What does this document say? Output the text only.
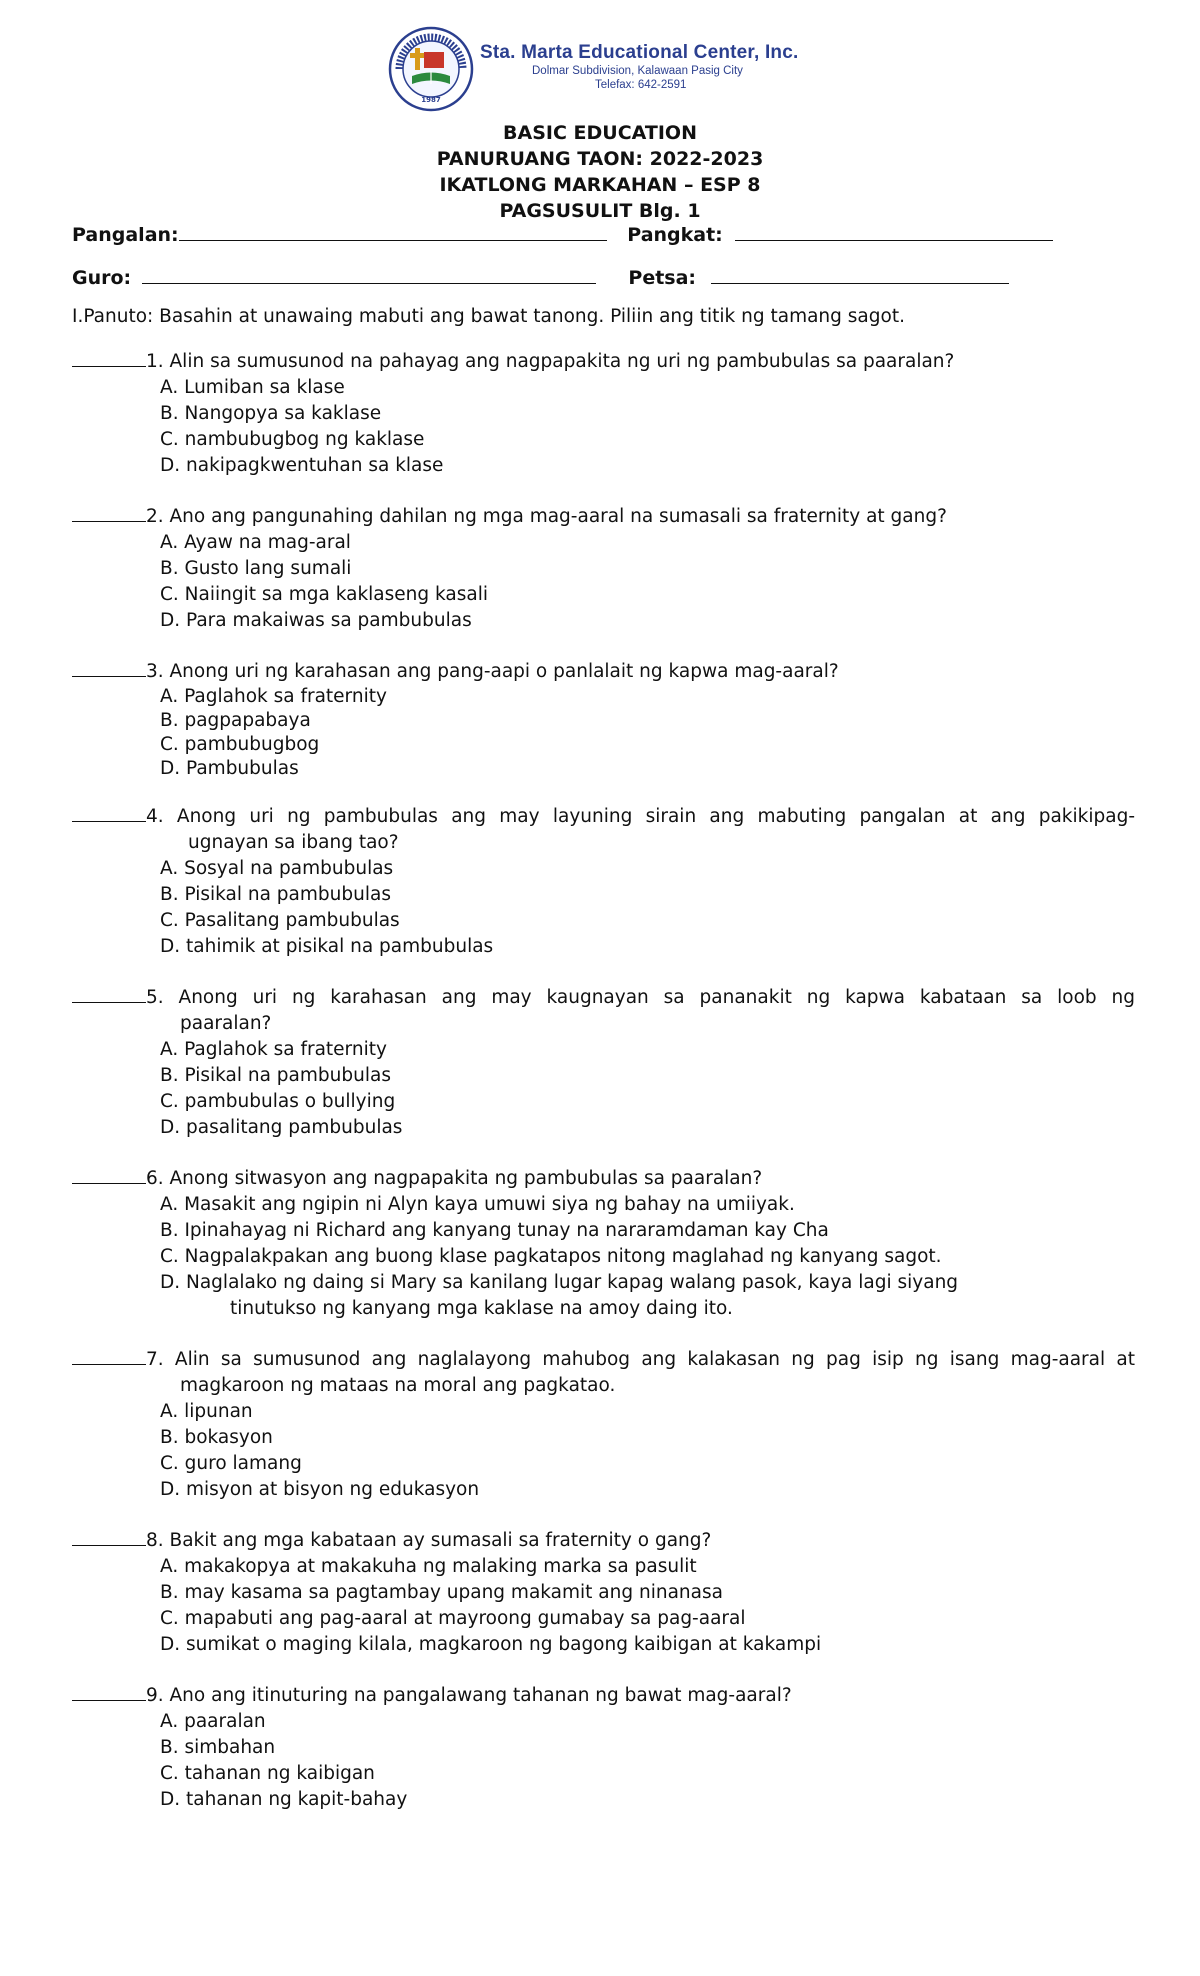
1987
Sta. Marta Educational Center, Inc.
Dolmar Subdivision, Kalawaan Pasig City
Telefax: 642-2591
BASIC EDUCATION
PANURUANG TAON: 2022-2023
IKATLONG MARKAHAN – ESP 8
PAGSUSULIT Blg. 1
Pangalan:	Pangkat:
Guro:	Petsa:
I.Panuto: Basahin at unawaing mabuti ang bawat tanong. Piliin ang titik ng tamang sagot.
1. Alin sa sumusunod na pahayag ang nagpapakita ng uri ng pambubulas sa paaralan?
A. Lumiban sa klase
B. Nangopya sa kaklase
C. nambubugbog ng kaklase
D. nakipagkwentuhan sa klase
2. Ano ang pangunahing dahilan ng mga mag-aaral na sumasali sa fraternity at gang?
A. Ayaw na mag-aral
B. Gusto lang sumali
C. Naiingit sa mga kaklaseng kasali
D. Para makaiwas sa pambubulas
3. Anong uri ng karahasan ang pang-aapi o panlalait ng kapwa mag-aaral?
A. Paglahok sa fraternity
B. pagpapabaya
C. pambubugbog
D. Pambubulas
4. Anong uri ng pambubulas ang may layuning sirain ang mabuting pangalan at ang pakikipag-
ugnayan sa ibang tao?
A. Sosyal na pambubulas
B. Pisikal na pambubulas
C. Pasalitang pambubulas
D. tahimik at pisikal na pambubulas
5. Anong uri ng karahasan ang may kaugnayan sa pananakit ng kapwa kabataan sa loob ng
paaralan?
A. Paglahok sa fraternity
B. Pisikal na pambubulas
C. pambubulas o bullying
D. pasalitang pambubulas
6. Anong sitwasyon ang nagpapakita ng pambubulas sa paaralan?
A. Masakit ang ngipin ni Alyn kaya umuwi siya ng bahay na umiiyak.
B. Ipinahayag ni Richard ang kanyang tunay na nararamdaman kay Cha
C. Nagpalakpakan ang buong klase pagkatapos nitong maglahad ng kanyang sagot.
D. Naglalako ng daing si Mary sa kanilang lugar kapag walang pasok, kaya lagi siyang
tinutukso ng kanyang mga kaklase na amoy daing ito.
7. Alin sa sumusunod ang naglalayong mahubog ang kalakasan ng pag isip ng isang mag-aaral at
magkaroon ng mataas na moral ang pagkatao.
A. lipunan
B. bokasyon
C. guro lamang
D. misyon at bisyon ng edukasyon
8. Bakit ang mga kabataan ay sumasali sa fraternity o gang?
A. makakopya at makakuha ng malaking marka sa pasulit
B. may kasama sa pagtambay upang makamit ang ninanasa
C. mapabuti ang pag-aaral at mayroong gumabay sa pag-aaral
D. sumikat o maging kilala, magkaroon ng bagong kaibigan at kakampi
9. Ano ang itinuturing na pangalawang tahanan ng bawat mag-aaral?
A. paaralan
B. simbahan
C. tahanan ng kaibigan
D. tahanan ng kapit-bahay
